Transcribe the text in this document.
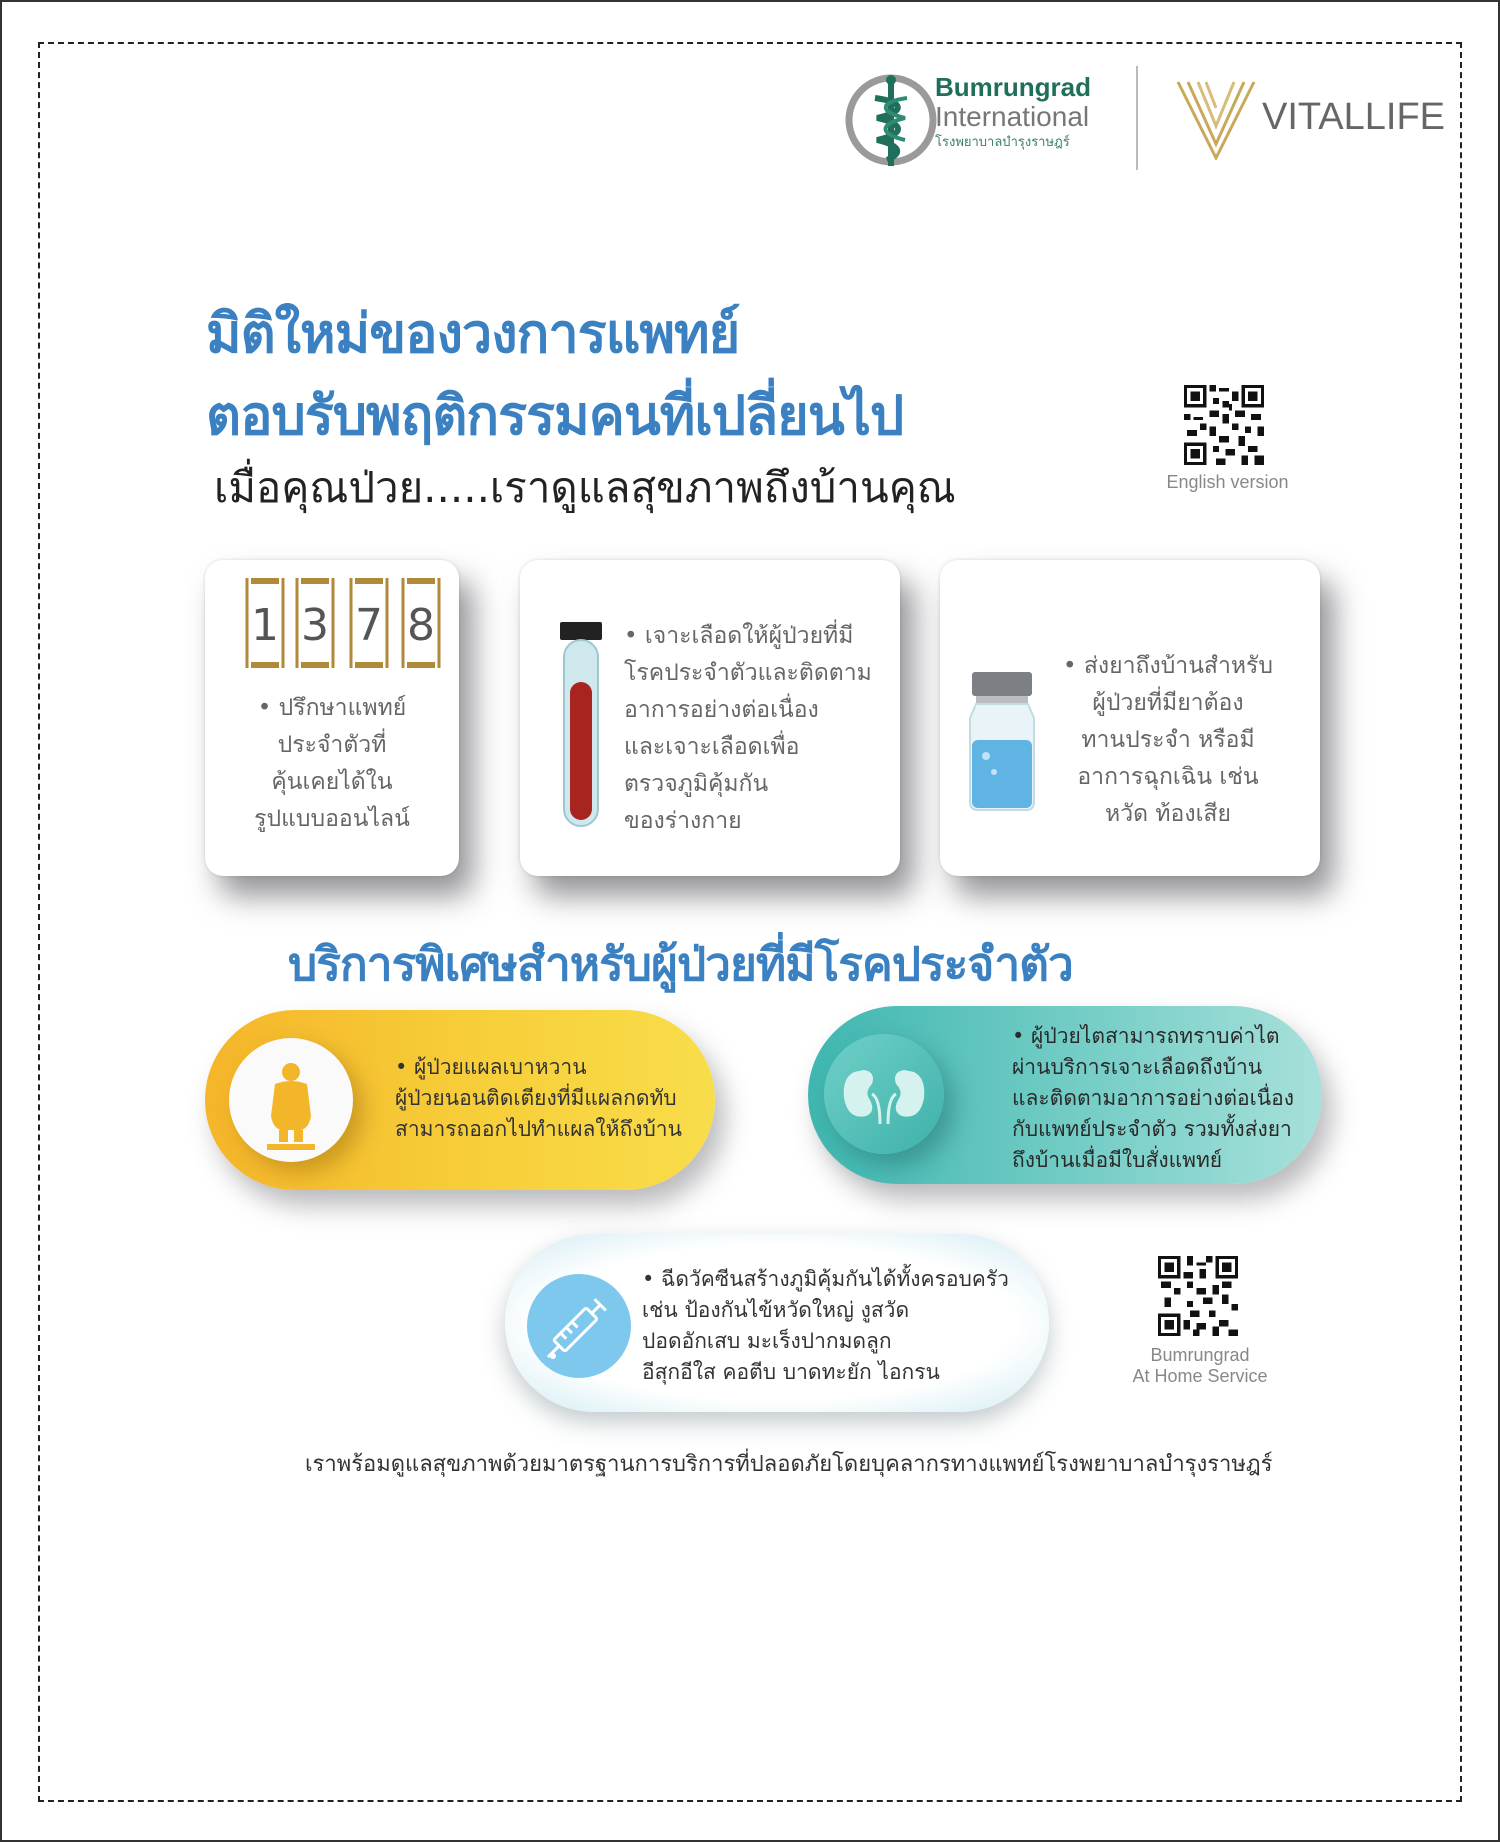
Bumrungrad
International
โรงพยาบาลบำรุงราษฎร์
VITALLIFE
มิติใหม่ของวงการแพทย์
ตอบรับพฤติกรรมคนที่เปลี่ยนไป
เมื่อคุณป่วย.....เราดูแลสุขภาพถึงบ้านคุณ	English version
1 3 7 8
• ปรึกษาแพทย์
ประจำตัวที่
คุ้นเคยได้ใน
รูปแบบออนไลน์
• เจาะเลือดให้ผู้ป่วยที่มี
โรคประจำตัวและติดตาม
อาการอย่างต่อเนื่อง
และเจาะเลือดเพื่อ
ตรวจภูมิคุ้มกัน
ของร่างกาย
• ส่งยาถึงบ้านสำหรับ
ผู้ป่วยที่มียาต้อง
ทานประจำ หรือมี
อาการฉุกเฉิน เช่น
หวัด ท้องเสีย
บริการพิเศษสำหรับผู้ป่วยที่มีโรคประจำตัว
• ผู้ป่วยแผลเบาหวาน
ผู้ป่วยนอนติดเตียงที่มีแผลกดทับ
สามารถออกไปทำแผลให้ถึงบ้าน
• ผู้ป่วยไตสามารถทราบค่าไต
ผ่านบริการเจาะเลือดถึงบ้าน
และติดตามอาการอย่างต่อเนื่อง
กับแพทย์ประจำตัว รวมทั้งส่งยา
ถึงบ้านเมื่อมีใบสั่งแพทย์
• ฉีดวัคซีนสร้างภูมิคุ้มกันได้ทั้งครอบครัว
เช่น ป้องกันไข้หวัดใหญ่ งูสวัด
ปอดอักเสบ มะเร็งปากมดลูก
อีสุกอีใส คอตีบ บาดทะยัก ไอกรน
Bumrungrad
At Home Service
เราพร้อมดูแลสุขภาพด้วยมาตรฐานการบริการที่ปลอดภัยโดยบุคลากรทางแพทย์โรงพยาบาลบำรุงราษฎร์
